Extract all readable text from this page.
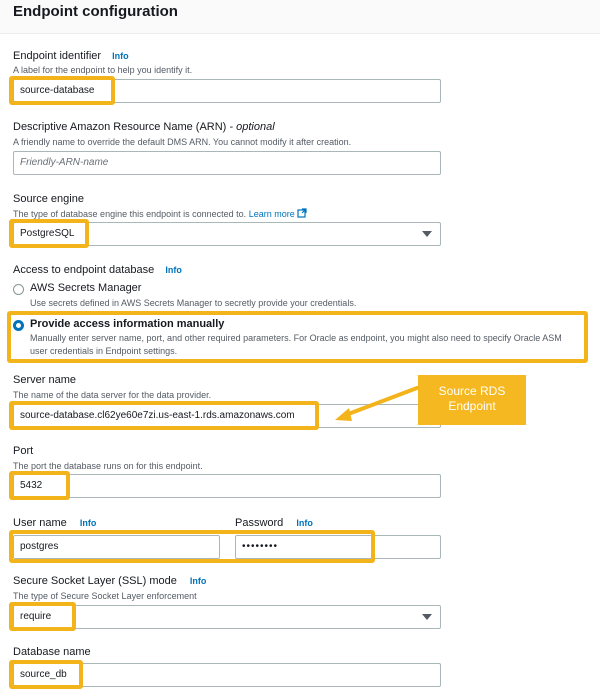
Endpoint configuration
Endpoint identifier Info
A label for the endpoint to help you identify it.
source-database
Descriptive Amazon Resource Name (ARN) - optional
A friendly name to override the default DMS ARN. You cannot modify it after creation.
Friendly-ARN-name
Source engine
The type of database engine this endpoint is connected to. Learn more
PostgreSQL
Access to endpoint database Info
AWS Secrets Manager
Use secrets defined in AWS Secrets Manager to secretly provide your credentials.
Provide access information manually
Manually enter server name, port, and other required parameters. For Oracle as endpoint, you might also need to specify Oracle ASM
user credentials in Endpoint settings.
Server name
The name of the data server for the data provider.
source-database.cl62ye60e7zi.us-east-1.rds.amazonaws.com
Source RDS
Endpoint
Port
The port the database runs on for this endpoint.
5432
User name Info	Password Info
postgres	••••••••
Secure Socket Layer (SSL) mode Info
The type of Secure Socket Layer enforcement
require
Database name
source_db
